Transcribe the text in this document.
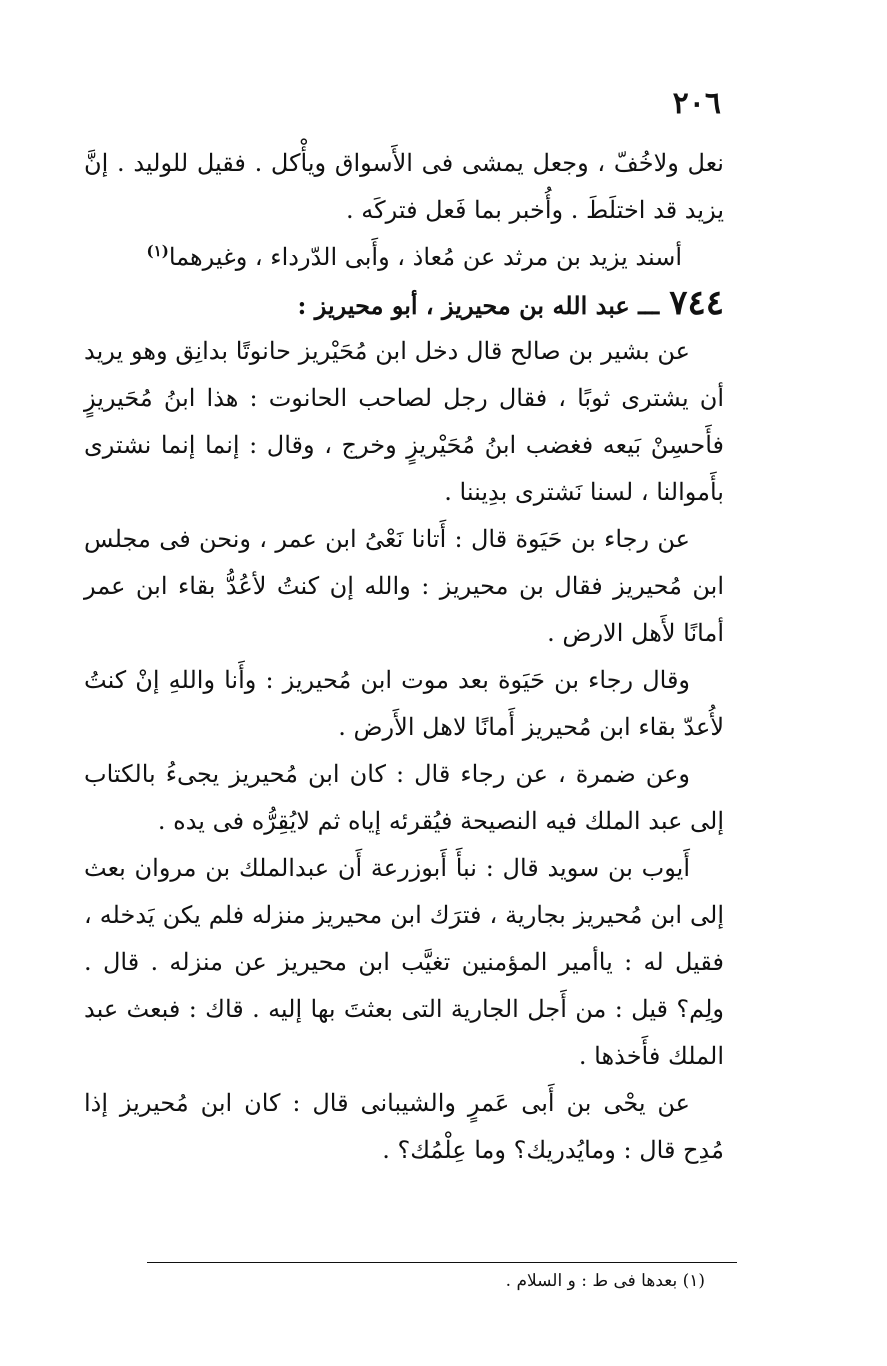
٢٠٦

نعل ولاخُفّ ، وجعل يمشى فى الأَسواق ويأْكل . فقيل للوليد . إنَّ يزيد قد اختلَطَ . وأُخبر بما فَعل فتركَه .

أسند يزيد بن مرثد عن مُعاذ ، وأَبى الدّرداء ، وغيرهما$^{(١)}$

٧٤٤ـــ عبد الله بن محيريز ، أبو محيريز :

عن بشير بن صالح قال دخل ابن مُحَيْريز حانوتًا بدانِق وهو يريد أن يشترى ثوبًا ، فقال رجل لصاحب الحانوت : هذا ابنُ مُحَيريزٍ فأَحسِنْ بَيعه فغضب ابنُ مُحَيْريزٍ وخرج ، وقال : إنما إنما نشترى بأَموالنا ، لسنا نَشترى بدِيننا .

عن رجاء بن حَيَوة قال : أَتانا نَعْىُ ابن عمر ، ونحن فى مجلس ابن مُحيريز فقال بن محيريز : والله إن كنتُ لأعُدُّ بقاء ابن عمر أمانًا لأَهل الارض .

وقال رجاء بن حَيَوة بعد موت ابن مُحيريز : وأَنا واللهِ إنْ كنتُ لأُعدّ بقاء ابن مُحيريز أَمانًا لاهل الأَرض .

وعن ضمرة ، عن رجاء قال : كان ابن مُحيريز يجىءُ بالكتاب إلى عبد الملك فيه النصيحة فيُقرئه إياه ثم لايُقِرُّه فى يده .

أَيوب بن سويد قال : نبأَ أَبوزرعة أَن عبدالملك بن مروان بعث إلى ابن مُحيريز بجارية ، فترَك ابن محيريز منزله فلم يكن يَدخله ، فقيل له : ياأمير المؤمنين تغيَّب ابن محيريز عن منزله . قال . ولِم؟ قيل : من أَجل الجارية التى بعثتَ بها إليه . قاك : فبعث عبد الملك فأَخذها .

عن يحْى بن أَبى عَمرٍ والشيبانى قال : كان ابن مُحيريز إذا مُدِح قال : ومايُدريك؟ وما عِلْمُك؟ .

(١) بعدها فى ط : و السلام .
